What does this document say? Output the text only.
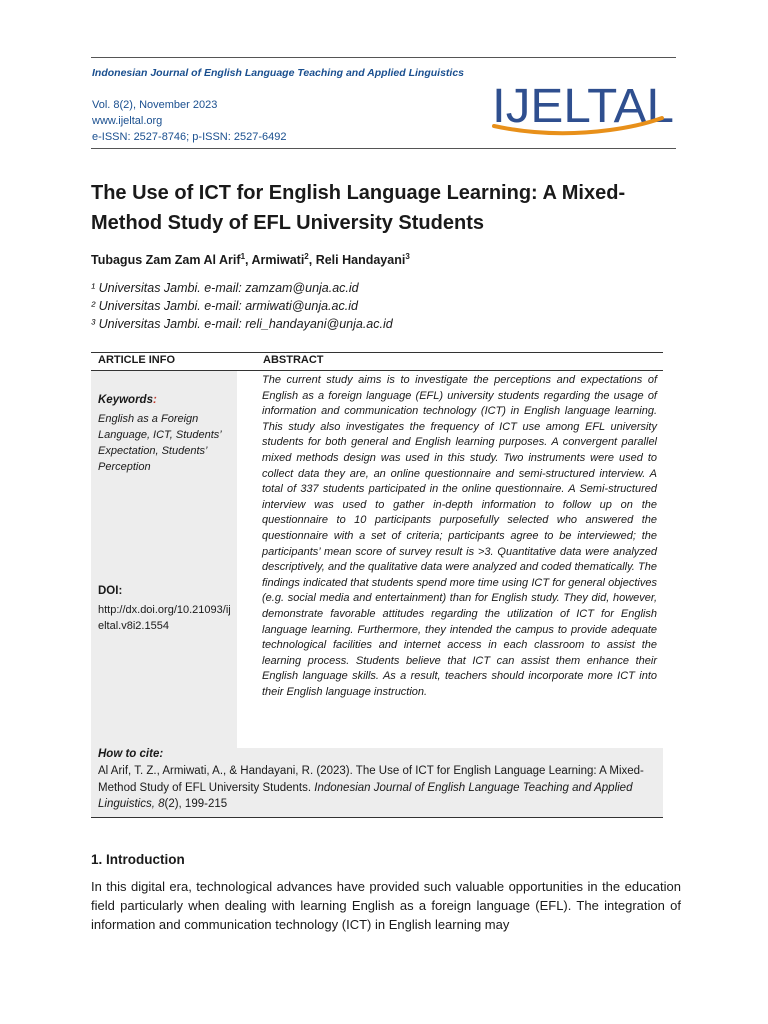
Indonesian Journal of English Language Teaching and Applied Linguistics
Vol. 8(2), November 2023
www.ijeltal.org
e-ISSN: 2527-8746; p-ISSN: 2527-6492
IJELTAL
The Use of ICT for English Language Learning: A Mixed-Method Study of EFL University Students
Tubagus Zam Zam Al Arif$^1$, Armiwati$^2$, Reli Handayani$^3$
¹ Universitas Jambi. e-mail: zamzam@unja.ac.id
² Universitas Jambi. e-mail: armiwati@unja.ac.id
³ Universitas Jambi. e-mail: reli_handayani@unja.ac.id
ARTICLE INFO	ABSTRACT
Keywords:
English as a Foreign Language, ICT, Students’ Expectation, Students’ Perception
DOI:
http://dx.doi.org/10.21093/ijeltal.v8i2.1554
The current study aims is to investigate the perceptions and expectations of English as a foreign language (EFL) university students regarding the usage of information and communication technology (ICT) in English language learning. This study also investigates the frequency of ICT use among EFL university students for both general and English learning purposes. A convergent parallel mixed methods design was used in this study. Two instruments were used to collect data they are, an online questionnaire and semi-structured interview. A total of 337 students participated in the online questionnaire. A Semi-structured interview was used to gather in-depth information to follow up on the questionnaire to 10 participants purposefully selected who answered the questionnaire with a set of criteria; participants agree to be interviewed; the participants’ mean score of survey result is >3. Quantitative data were analyzed descriptively, and the qualitative data were analyzed and coded thematically. The findings indicated that students spend more time using ICT for general objectives (e.g. social media and entertainment) than for English study. They did, however, demonstrate favorable attitudes regarding the utilization of ICT for English language learning. Furthermore, they intended the campus to provide adequate technological facilities and internet access in each classroom to assist the learning process. Students believe that ICT can assist them enhance their English language skills. As a result, teachers should incorporate more ICT into their English language instruction.
How to cite:
Al Arif, T. Z., Armiwati, A., & Handayani, R. (2023). The Use of ICT for English Language Learning: A Mixed-Method Study of EFL University Students. Indonesian Journal of English Language Teaching and Applied Linguistics, 8(2), 199-215
1. Introduction
In this digital era, technological advances have provided such valuable opportunities in the education field particularly when dealing with learning English as a foreign language (EFL). The integration of information and communication technology (ICT) in English learning may
